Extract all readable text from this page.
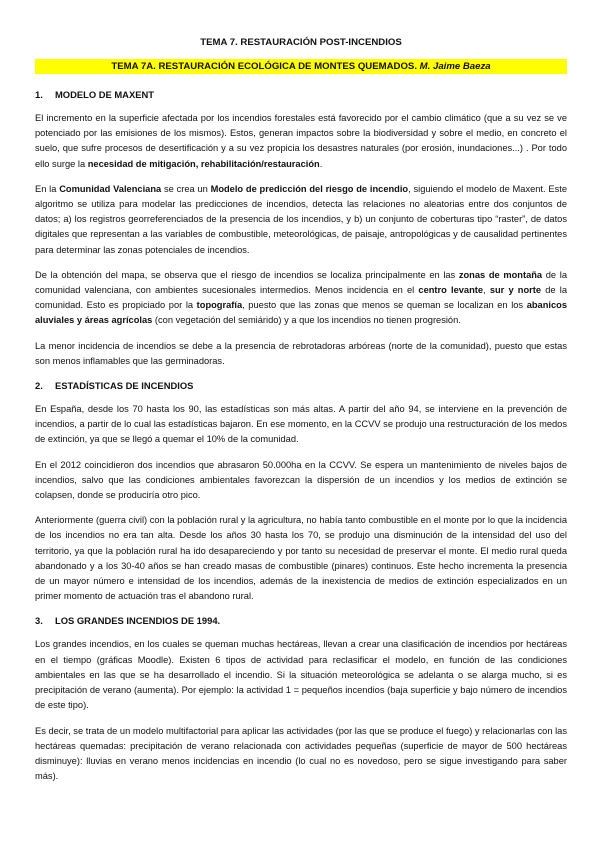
TEMA 7. RESTAURACIÓN POST-INCENDIOS
TEMA 7A. RESTAURACIÓN ECOLÓGICA DE MONTES QUEMADOS. M. Jaime Baeza
1. MODELO DE MAXENT

El incremento en la superficie afectada por los incendios forestales está favorecido por el cambio climático (que a su vez se ve potenciado por las emisiones de los mismos). Estos, generan impactos sobre la biodiversidad y sobre el medio, en concreto el suelo, que sufre procesos de desertificación y a su vez propicia los desastres naturales (por erosión, inundaciones...) . Por todo ello surge la necesidad de mitigación, rehabilitación/restauración.

En la Comunidad Valenciana se crea un Modelo de predicción del riesgo de incendio, siguiendo el modelo de Maxent. Este algoritmo se utiliza para modelar las predicciones de incendios, detecta las relaciones no aleatorias entre dos conjuntos de datos; a) los registros georreferenciados de la presencia de los incendios, y b) un conjunto de coberturas tipo “raster”, de datos digitales que representan a las variables de combustible, meteorológicas, de paisaje, antropológicas y de causalidad pertinentes para determinar las zonas potenciales de incendios.

De la obtención del mapa, se observa que el riesgo de incendios se localiza principalmente en las zonas de montaña de la comunidad valenciana, con ambientes sucesionales intermedios. Menos incidencia en el centro levante, sur y norte de la comunidad. Esto es propiciado por la topografía, puesto que las zonas que menos se queman se localizan en los abanicos aluviales y áreas agrícolas (con vegetación del semiárido) y a que los incendios no tienen progresión.

La menor incidencia de incendios se debe a la presencia de rebrotadoras arbóreas (norte de la comunidad), puesto que estas son menos inflamables que las germinadoras.

2. ESTADÍSTICAS DE INCENDIOS

En España, desde los 70 hasta los 90, las estadísticas son más altas. A partir del año 94, se interviene en la prevención de incendios, a partir de lo cual las estadísticas bajaron. En ese momento, en la CCVV se produjo una restructuración de los medos de extinción, ya que se llegó a quemar el 10% de la comunidad.

En el 2012 coincidieron dos incendios que abrasaron 50.000ha en la CCVV. Se espera un mantenimiento de niveles bajos de incendios, salvo que las condiciones ambientales favorezcan la dispersión de un incendios y los medios de extinción se colapsen, donde se produciría otro pico.

Anteriormente (guerra civil) con la población rural y la agricultura, no había tanto combustible en el monte por lo que la incidencia de los incendios no era tan alta. Desde los años 30 hasta los 70, se produjo una disminución de la intensidad del uso del territorio, ya que la población rural ha ido desapareciendo y por tanto su necesidad de preservar el monte. El medio rural queda abandonado y a los 30-40 años se han creado masas de combustible (pinares) continuos. Este hecho incrementa la presencia de un mayor número e intensidad de los incendios, además de la inexistencia de medios de extinción especializados en un primer momento de actuación tras el abandono rural.

3. LOS GRANDES INCENDIOS DE 1994.

Los grandes incendios, en los cuales se queman muchas hectáreas, llevan a crear una clasificación de incendios por hectáreas en el tiempo (gráficas Moodle). Existen 6 tipos de actividad para reclasificar el modelo, en función de las condiciones ambientales en las que se ha desarrollado el incendio. Si la situación meteorológica se adelanta o se alarga mucho, si es precipitación de verano (aumenta). Por ejemplo: la actividad 1 = pequeños incendios (baja superficie y bajo número de incendios de este tipo).

Es decir, se trata de un modelo multifactorial para aplicar las actividades (por las que se produce el fuego) y relacionarlas con las hectáreas quemadas: precipitación de verano relacionada con actividades pequeñas (superficie de mayor de 500 hectáreas disminuye): lluvias en verano menos incidencias en incendio (lo cual no es novedoso, pero se sigue investigando para saber más).
